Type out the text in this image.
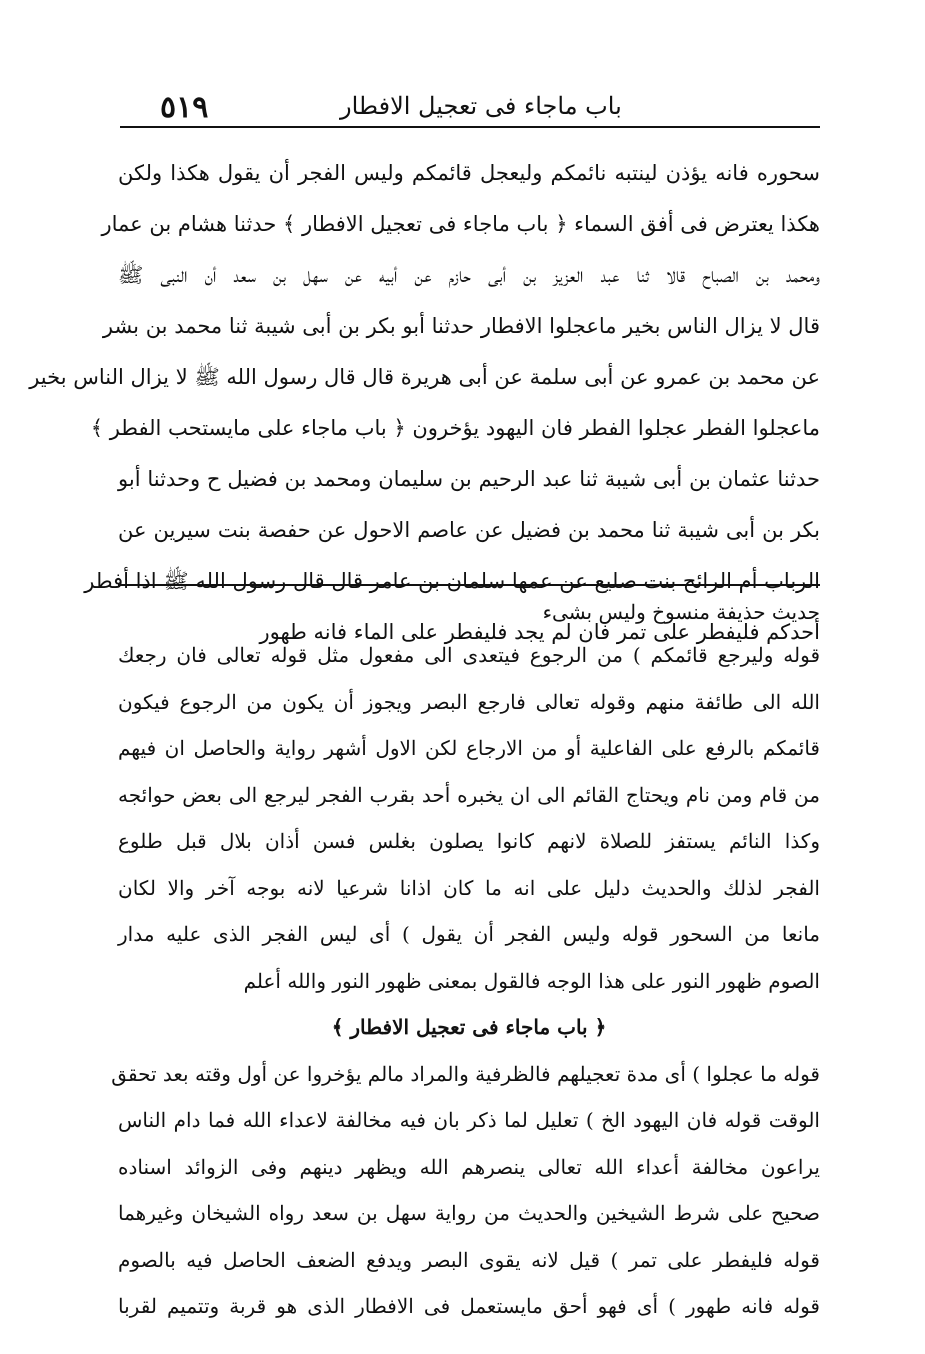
٥١٩	باب ماجاء فى تعجيل الافطار
سحوره فانه يؤذن لينتبه نائمكم وليعجل قائمكم وليس الفجر أن يقول هكذا ولكن
هكذا يعترض فى أفق السماء ﴿ باب ماجاء فى تعجيل الافطار ﴾ حدثنا هشام بن عمار
ومحمد بن الصباح قالا ثنا عبد العزيز بن أبى حازم عن أبيه عن سهل بن سعد أن النبى ﷺ
قال لا يزال الناس بخير ماعجلوا الافطار حدثنا أبو بكر بن أبى شيبة ثنا محمد بن بشر
عن محمد بن عمرو عن أبى سلمة عن أبى هريرة قال قال رسول الله ﷺ لا يزال الناس بخير
ماعجلوا الفطر عجلوا الفطر فان اليهود يؤخرون ﴿ باب ماجاء على مايستحب الفطر ﴾
حدثنا عثمان بن أبى شيبة ثنا عبد الرحيم بن سليمان ومحمد بن فضيل ح وحدثنا أبو
بكر بن أبى شيبة ثنا محمد بن فضيل عن عاصم الاحول عن حفصة بنت سيرين عن
الرباب أم الرائح بنت صليع عن عمها سلمان بن عامر قال قال رسول الله ﷺ اذا أفطر
أحدكم فليفطر على تمر فان لم يجد فليفطر على الماء فانه طهور
حديث حذيفة منسوخ وليس بشىء
قوله وليرجع قائمكم ) من الرجوع فيتعدى الى مفعول مثل قوله تعالى فان رجعك
الله الى طائفة منهم وقوله تعالى فارجع البصر ويجوز أن يكون من الرجوع فيكون
قائمكم بالرفع على الفاعلية أو من الارجاع لكن الاول أشهر رواية والحاصل ان فيهم
من قام ومن نام ويحتاج القائم الى ان يخبره أحد بقرب الفجر ليرجع الى بعض حوائجه
وكذا النائم يستفز للصلاة لانهم كانوا يصلون بغلس فسن أذان بلال قبل طلوع
الفجر لذلك والحديث دليل على انه ما كان اذانا شرعيا لانه بوجه آخر والا لكان
مانعا من السحور قوله وليس الفجر أن يقول ) أى ليس الفجر الذى عليه مدار
الصوم ظهور النور على هذا الوجه فالقول بمعنى ظهور النور والله أعلم
﴿ باب ماجاء فى تعجيل الافطار ﴾
قوله ما عجلوا ) أى مدة تعجيلهم فالظرفية والمراد مالم يؤخروا عن أول وقته بعد تحقق
الوقت قوله فان اليهود الخ ) تعليل لما ذكر بان فيه مخالفة لاعداء الله فما دام الناس
يراعون مخالفة أعداء الله تعالى ينصرهم الله ويظهر دينهم وفى الزوائد اسناده
صحيح على شرط الشيخين والحديث من رواية سهل بن سعد رواه الشيخان وغيرهما
قوله فليفطر على تمر ) قيل لانه يقوى البصر ويدفع الضعف الحاصل فيه بالصوم
قوله فانه طهور ) أى فهو أحق مايستعمل فى الافطار الذى هو قربة وتتميم لقربا
